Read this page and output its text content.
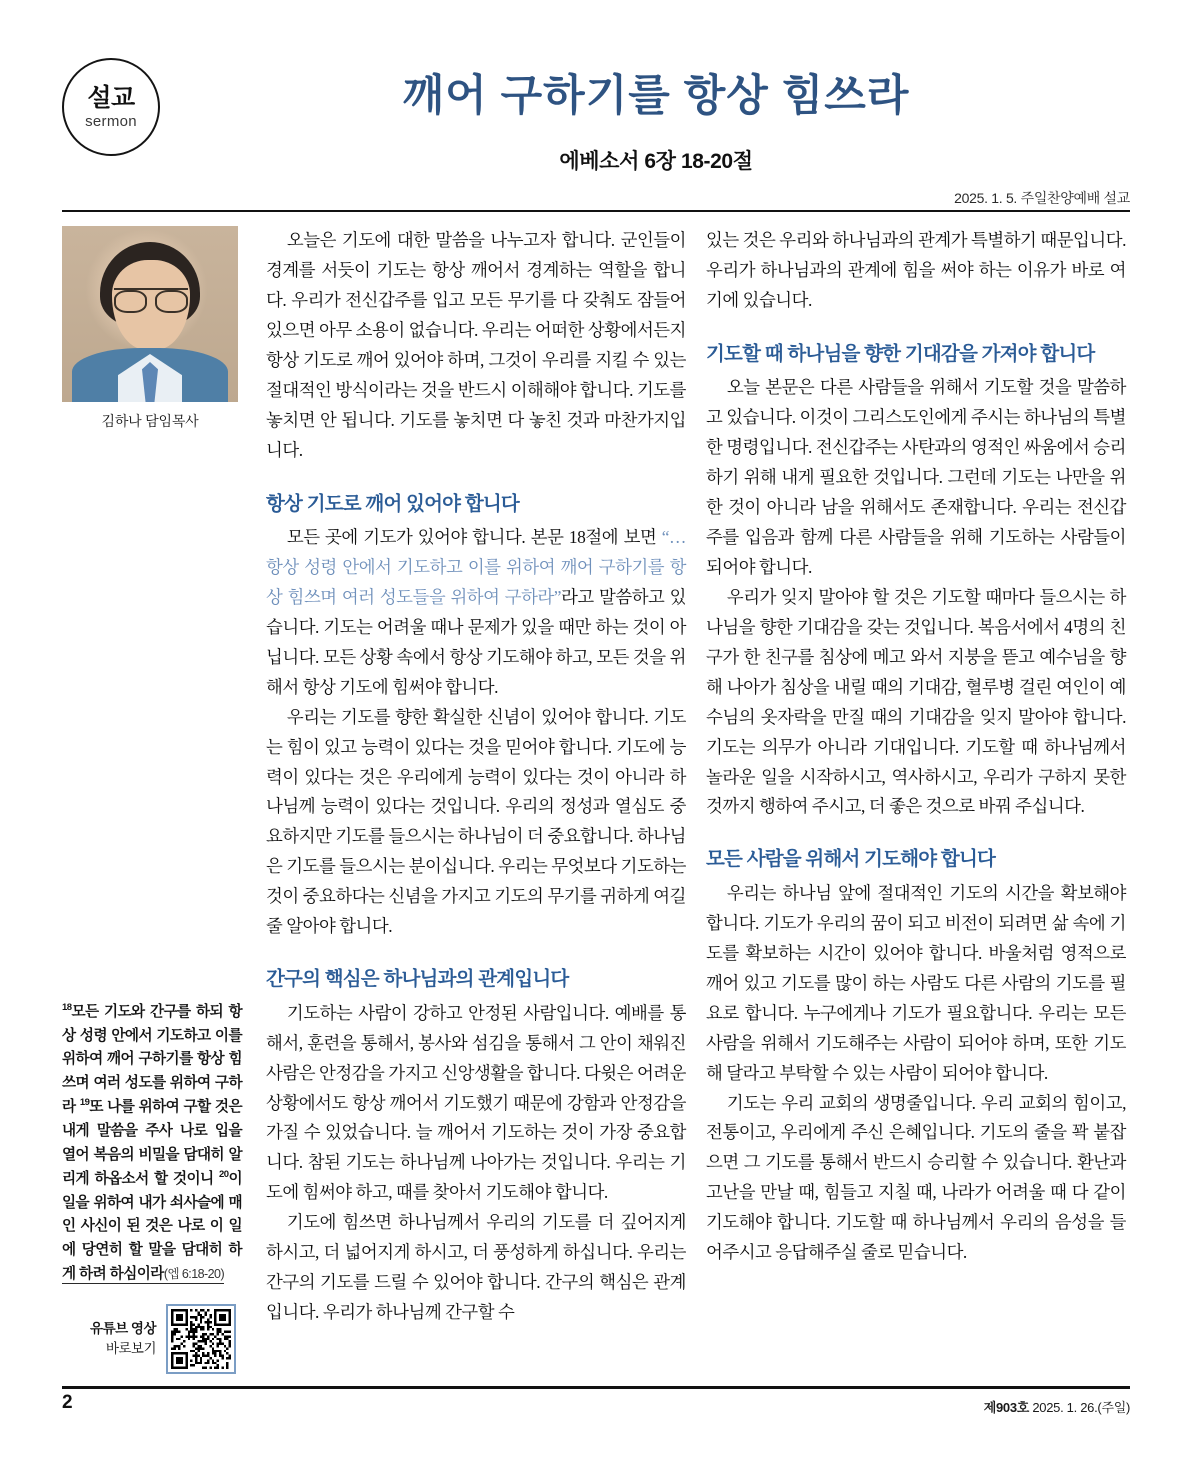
설교
sermon
깨어 구하기를 항상 힘쓰라
에베소서 6장 18-20절
2025. 1. 5. 주일찬양예배 설교
김하나 담임목사
$^{18}$모든 기도와 간구를 하되 항상 성령 안에서 기도하고 이를 위하여 깨어 구하기를 항상 힘쓰며 여러 성도를 위하여 구하라 $^{19}$또 나를 위하여 구할 것은 내게 말씀을 주사 나로 입을 열어 복음의 비밀을 담대히 알리게 하옵소서 할 것이니 $^{20}$이 일을 위하여 내가 쇠사슬에 매인 사신이 된 것은 나로 이 일에 당연히 할 말을 담대히 하게 하려 하심이라(엡 6:18-20)
유튜브 영상
바로보기

오늘은 기도에 대한 말씀을 나누고자 합니다. 군인들이 경계를 서듯이 기도는 항상 깨어서 경계하는 역할을 합니다. 우리가 전신갑주를 입고 모든 무기를 다 갖춰도 잠들어 있으면 아무 소용이 없습니다. 우리는 어떠한 상황에서든지 항상 기도로 깨어 있어야 하며, 그것이 우리를 지킬 수 있는 절대적인 방식이라는 것을 반드시 이해해야 합니다. 기도를 놓치면 안 됩니다. 기도를 놓치면 다 놓친 것과 마찬가지입니다.

항상 기도로 깨어 있어야 합니다

모든 곳에 기도가 있어야 합니다. 본문 18절에 보면 “…항상 성령 안에서 기도하고 이를 위하여 깨어 구하기를 항상 힘쓰며 여러 성도들을 위하여 구하라”라고 말씀하고 있습니다. 기도는 어려울 때나 문제가 있을 때만 하는 것이 아닙니다. 모든 상황 속에서 항상 기도해야 하고, 모든 것을 위해서 항상 기도에 힘써야 합니다.

우리는 기도를 향한 확실한 신념이 있어야 합니다. 기도는 힘이 있고 능력이 있다는 것을 믿어야 합니다. 기도에 능력이 있다는 것은 우리에게 능력이 있다는 것이 아니라 하나님께 능력이 있다는 것입니다. 우리의 정성과 열심도 중요하지만 기도를 들으시는 하나님이 더 중요합니다. 하나님은 기도를 들으시는 분이십니다. 우리는 무엇보다 기도하는 것이 중요하다는 신념을 가지고 기도의 무기를 귀하게 여길 줄 알아야 합니다.

간구의 핵심은 하나님과의 관계입니다

기도하는 사람이 강하고 안정된 사람입니다. 예배를 통해서, 훈련을 통해서, 봉사와 섬김을 통해서 그 안이 채워진 사람은 안정감을 가지고 신앙생활을 합니다. 다윗은 어려운 상황에서도 항상 깨어서 기도했기 때문에 강함과 안정감을 가질 수 있었습니다. 늘 깨어서 기도하는 것이 가장 중요합니다. 참된 기도는 하나님께 나아가는 것입니다. 우리는 기도에 힘써야 하고, 때를 찾아서 기도해야 합니다.

기도에 힘쓰면 하나님께서 우리의 기도를 더 깊어지게 하시고, 더 넓어지게 하시고, 더 풍성하게 하십니다. 우리는 간구의 기도를 드릴 수 있어야 합니다. 간구의 핵심은 관계입니다. 우리가 하나님께 간구할 수

있는 것은 우리와 하나님과의 관계가 특별하기 때문입니다. 우리가 하나님과의 관계에 힘을 써야 하는 이유가 바로 여기에 있습니다.

기도할 때 하나님을 향한 기대감을 가져야 합니다

오늘 본문은 다른 사람들을 위해서 기도할 것을 말씀하고 있습니다. 이것이 그리스도인에게 주시는 하나님의 특별한 명령입니다. 전신갑주는 사탄과의 영적인 싸움에서 승리하기 위해 내게 필요한 것입니다. 그런데 기도는 나만을 위한 것이 아니라 남을 위해서도 존재합니다. 우리는 전신갑주를 입음과 함께 다른 사람들을 위해 기도하는 사람들이 되어야 합니다.

우리가 잊지 말아야 할 것은 기도할 때마다 들으시는 하나님을 향한 기대감을 갖는 것입니다. 복음서에서 4명의 친구가 한 친구를 침상에 메고 와서 지붕을 뜯고 예수님을 향해 나아가 침상을 내릴 때의 기대감, 혈루병 걸린 여인이 예수님의 옷자락을 만질 때의 기대감을 잊지 말아야 합니다. 기도는 의무가 아니라 기대입니다. 기도할 때 하나님께서 놀라운 일을 시작하시고, 역사하시고, 우리가 구하지 못한 것까지 행하여 주시고, 더 좋은 것으로 바꿔 주십니다.

모든 사람을 위해서 기도해야 합니다

우리는 하나님 앞에 절대적인 기도의 시간을 확보해야 합니다. 기도가 우리의 꿈이 되고 비전이 되려면 삶 속에 기도를 확보하는 시간이 있어야 합니다. 바울처럼 영적으로 깨어 있고 기도를 많이 하는 사람도 다른 사람의 기도를 필요로 합니다. 누구에게나 기도가 필요합니다. 우리는 모든 사람을 위해서 기도해주는 사람이 되어야 하며, 또한 기도해 달라고 부탁할 수 있는 사람이 되어야 합니다.

기도는 우리 교회의 생명줄입니다. 우리 교회의 힘이고, 전통이고, 우리에게 주신 은혜입니다. 기도의 줄을 꽉 붙잡으면 그 기도를 통해서 반드시 승리할 수 있습니다. 환난과 고난을 만날 때, 힘들고 지칠 때, 나라가 어려울 때 다 같이 기도해야 합니다. 기도할 때 하나님께서 우리의 음성을 들어주시고 응답해주실 줄로 믿습니다.

2	제903호 2025. 1. 26.(주일)
